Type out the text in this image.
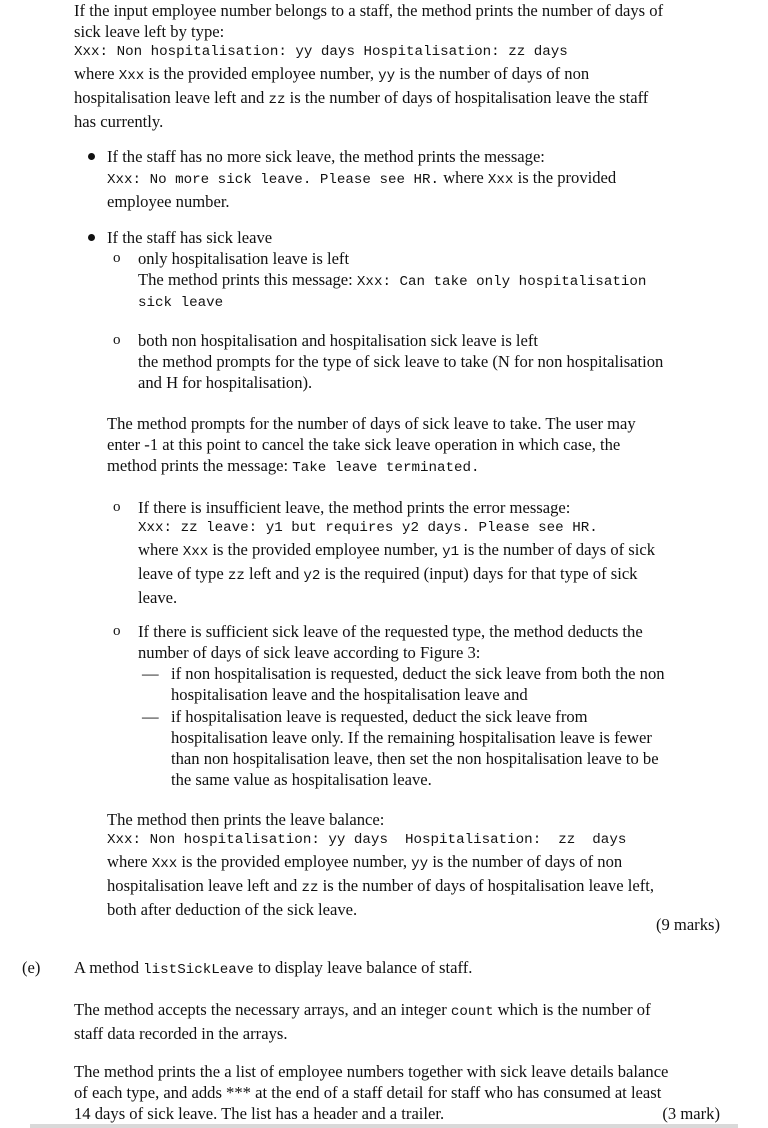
If the input employee number belongs to a staff, the method prints the number of days of

sick leave left by type:

Xxx: Non hospitalisation: yy days Hospitalisation: zz days

where Xxx is the provided employee number, yy is the number of days of non

hospitalisation leave left and zz is the number of days of hospitalisation leave the staff

has currently.

If the staff has no more sick leave, the method prints the message:

Xxx: No more sick leave. Please see HR. where Xxx is the provided

employee number.

If the staff has sick leave

o only hospitalisation leave is left

The method prints this message: Xxx: Can take only hospitalisation

sick leave

o both non hospitalisation and hospitalisation sick leave is left

the method prompts for the type of sick leave to take (N for non hospitalisation

and H for hospitalisation).

The method prompts for the number of days of sick leave to take. The user may

enter -1 at this point to cancel the take sick leave operation in which case, the

method prints the message: Take leave terminated.

o If there is insufficient leave, the method prints the error message:

Xxx: zz leave: y1 but requires y2 days. Please see HR.

where Xxx is the provided employee number, y1 is the number of days of sick

leave of type zz left and y2 is the required (input) days for that type of sick

leave.

o If there is sufficient sick leave of the requested type, the method deducts the

number of days of sick leave according to Figure 3:

— if non hospitalisation is requested, deduct the sick leave from both the non

hospitalisation leave and the hospitalisation leave and

— if hospitalisation leave is requested, deduct the sick leave from

hospitalisation leave only. If the remaining hospitalisation leave is fewer

than non hospitalisation leave, then set the non hospitalisation leave to be

the same value as hospitalisation leave.

The method then prints the leave balance:

Xxx: Non hospitalisation: yy days  Hospitalisation:  zz  days

where Xxx is the provided employee number, yy is the number of days of non

hospitalisation leave left and zz is the number of days of hospitalisation leave left,

both after deduction of the sick leave.

(9 marks)
(e) A method listSickLeave to display leave balance of staff.

The method accepts the necessary arrays, and an integer count which is the number of

staff data recorded in the arrays.

The method prints the a list of employee numbers together with sick leave details balance

of each type, and adds *** at the end of a staff detail for staff who has consumed at least

14 days of sick leave. The list has a header and a trailer.	(3 mark)
